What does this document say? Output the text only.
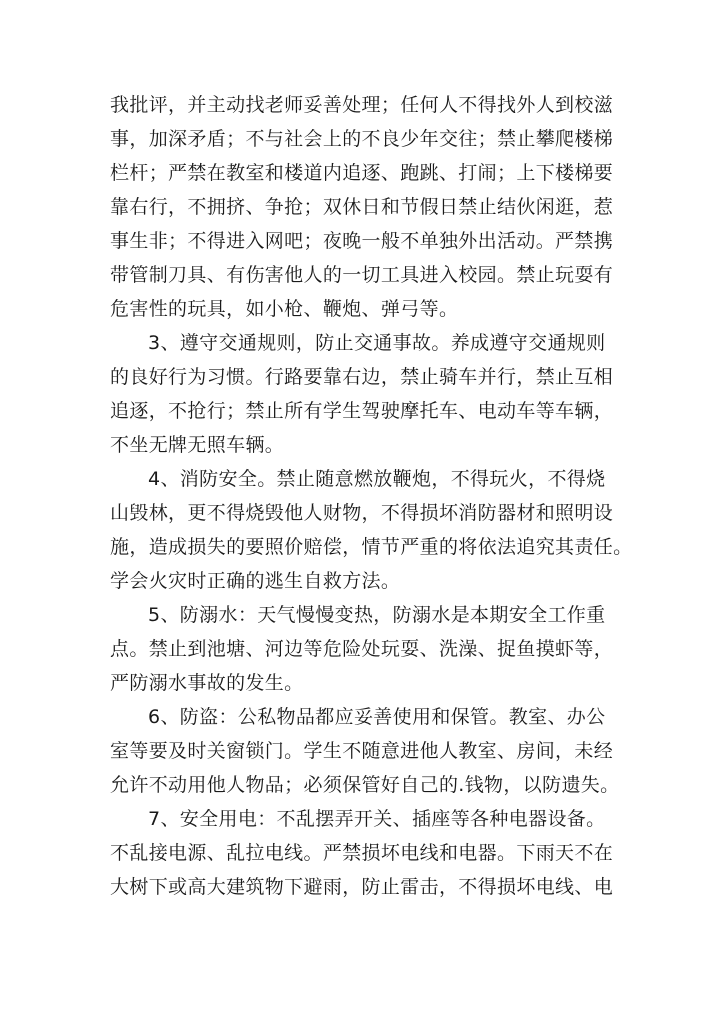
我批评，并主动找老师妥善处理；任何人不得找外人到校滋
事，加深矛盾；不与社会上的不良少年交往；禁止攀爬楼梯
栏杆；严禁在教室和楼道内追逐、跑跳、打闹；上下楼梯要
靠右行，不拥挤、争抢；双休日和节假日禁止结伙闲逛，惹
事生非；不得进入网吧；夜晚一般不单独外出活动。严禁携
带管制刀具、有伤害他人的一切工具进入校园。禁止玩耍有
危害性的玩具，如小枪、鞭炮、弹弓等。
3、遵守交通规则，防止交通事故。养成遵守交通规则
的良好行为习惯。行路要靠右边，禁止骑车并行，禁止互相
追逐，不抢行；禁止所有学生驾驶摩托车、电动车等车辆，
不坐无牌无照车辆。
4、消防安全。禁止随意燃放鞭炮，不得玩火，不得烧
山毁林，更不得烧毁他人财物，不得损坏消防器材和照明设
施，造成损失的要照价赔偿，情节严重的将依法追究其责任。
学会火灾时正确的逃生自救方法。
5、防溺水：天气慢慢变热，防溺水是本期安全工作重
点。禁止到池塘、河边等危险处玩耍、洗澡、捉鱼摸虾等，
严防溺水事故的发生。
6、防盗：公私物品都应妥善使用和保管。教室、办公
室等要及时关窗锁门。学生不随意进他人教室、房间，未经
允许不动用他人物品；必须保管好自己的.钱物，以防遗失。
7、安全用电：不乱摆弄开关、插座等各种电器设备。
不乱接电源、乱拉电线。严禁损坏电线和电器。下雨天不在
大树下或高大建筑物下避雨，防止雷击，不得损坏电线、电
